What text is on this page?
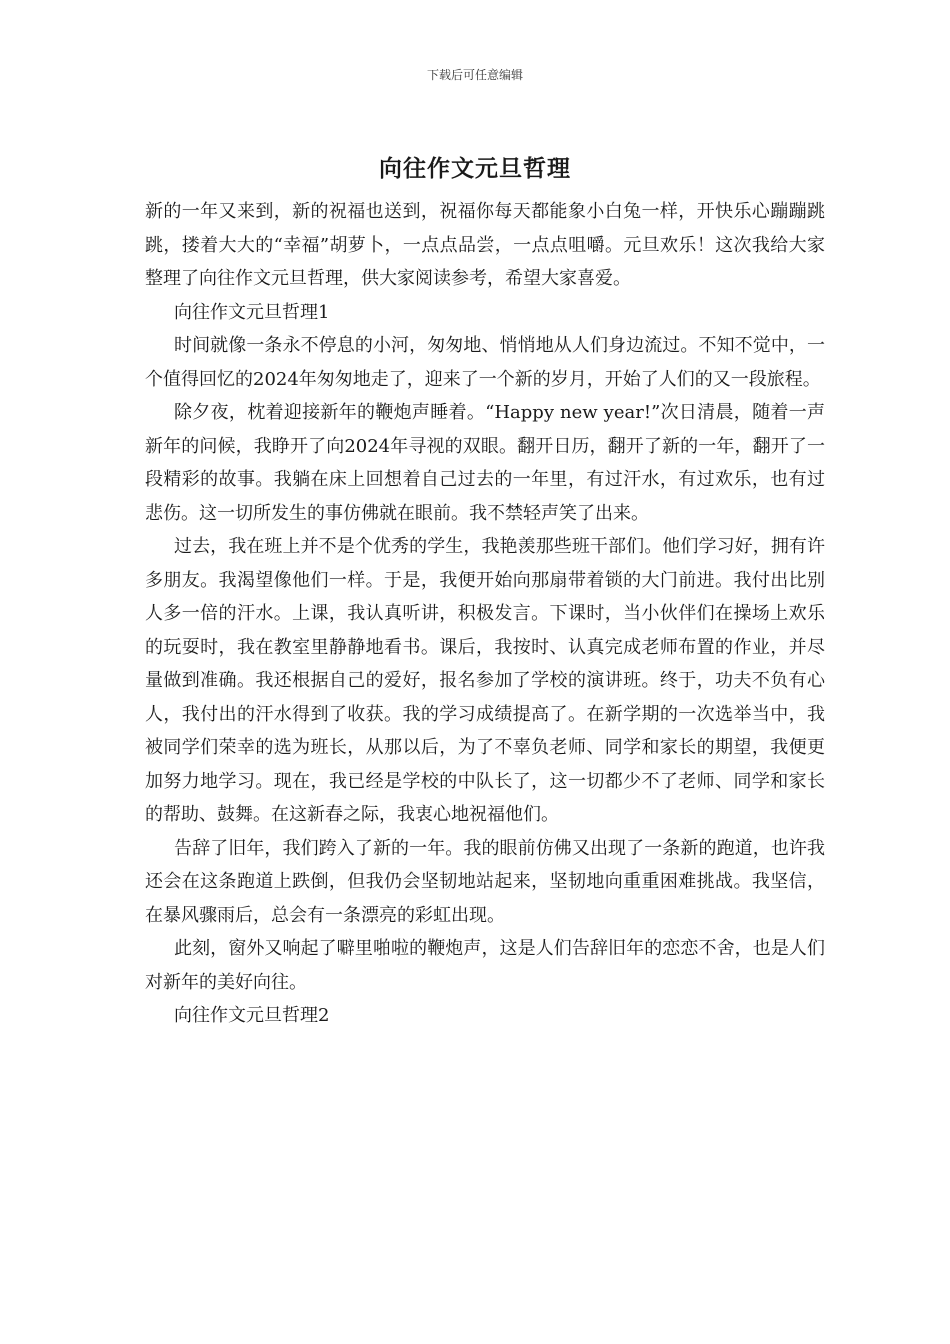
下载后可任意编辑
向往作文元旦哲理

新的一年又来到，新的祝福也送到，祝福你每天都能象小白兔一样，开快乐心蹦蹦跳跳，搂着大大的“幸福”胡萝卜，一点点品尝，一点点咀嚼。元旦欢乐！这次我给大家整理了向往作文元旦哲理，供大家阅读参考，希望大家喜爱。

向往作文元旦哲理1

时间就像一条永不停息的小河，匆匆地、悄悄地从人们身边流过。不知不觉中，一个值得回忆的2024年匆匆地走了，迎来了一个新的岁月，开始了人们的又一段旅程。

除夕夜，枕着迎接新年的鞭炮声睡着。“Happy new year!”次日清晨，随着一声新年的问候，我睁开了向2024年寻视的双眼。翻开日历，翻开了新的一年，翻开了一段精彩的故事。我躺在床上回想着自己过去的一年里，有过汗水，有过欢乐，也有过悲伤。这一切所发生的事仿佛就在眼前。我不禁轻声笑了出来。

过去，我在班上并不是个优秀的学生，我艳羡那些班干部们。他们学习好，拥有许多朋友。我渴望像他们一样。于是，我便开始向那扇带着锁的大门前进。我付出比别人多一倍的汗水。上课，我认真听讲，积极发言。下课时，当小伙伴们在操场上欢乐的玩耍时，我在教室里静静地看书。课后，我按时、认真完成老师布置的作业，并尽量做到准确。我还根据自己的爱好，报名参加了学校的演讲班。终于，功夫不负有心人，我付出的汗水得到了收获。我的学习成绩提高了。在新学期的一次选举当中，我被同学们荣幸的选为班长，从那以后，为了不辜负老师、同学和家长的期望，我便更加努力地学习。现在，我已经是学校的中队长了，这一切都少不了老师、同学和家长的帮助、鼓舞。在这新春之际，我衷心地祝福他们。

告辞了旧年，我们跨入了新的一年。我的眼前仿佛又出现了一条新的跑道，也许我还会在这条跑道上跌倒，但我仍会坚韧地站起来，坚韧地向重重困难挑战。我坚信，在暴风骤雨后，总会有一条漂亮的彩虹出现。

此刻，窗外又响起了噼里啪啦的鞭炮声，这是人们告辞旧年的恋恋不舍，也是人们对新年的美好向往。

向往作文元旦哲理2
